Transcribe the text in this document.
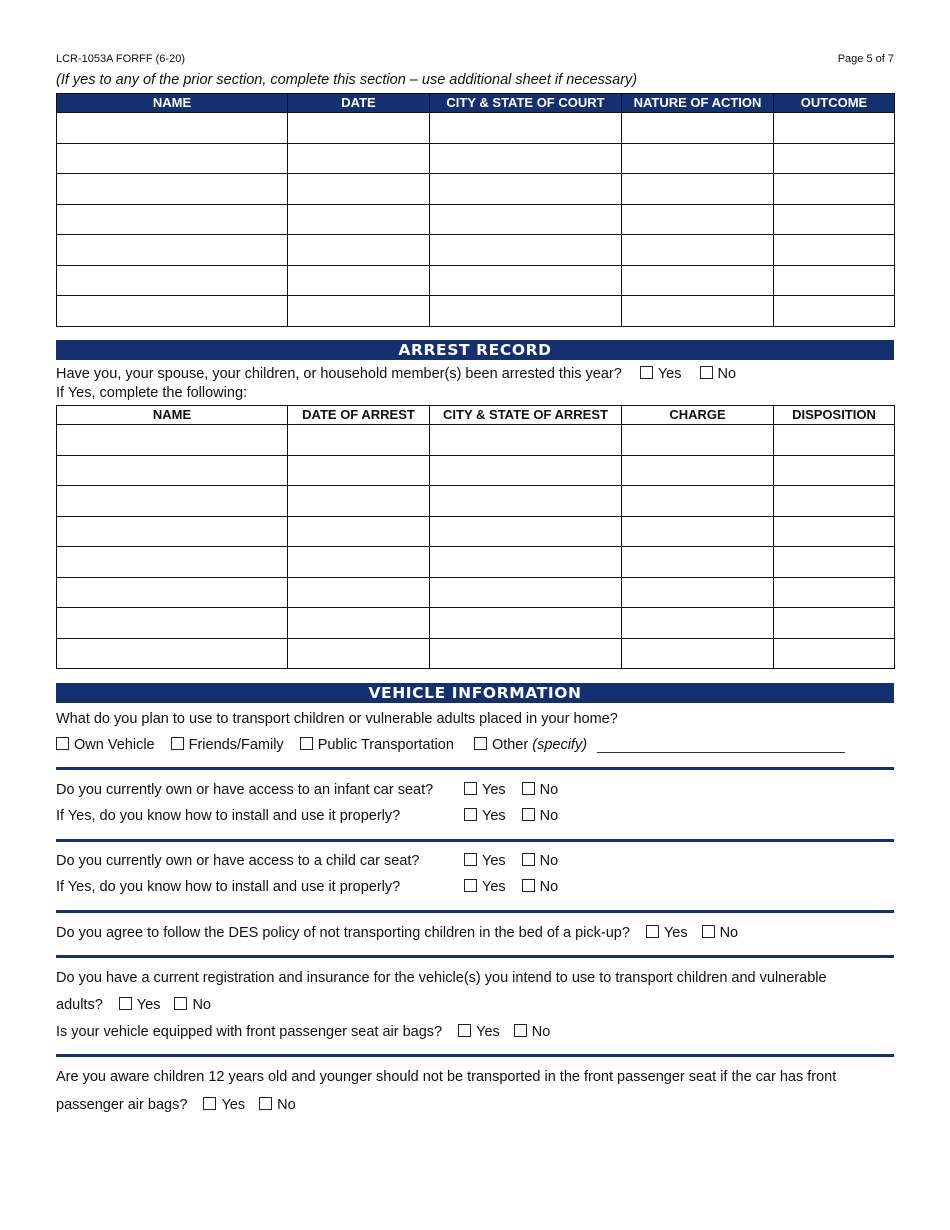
LCR-1053A FORFF (6-20)	Page 5 of 7
(If yes to any of the prior section, complete this section – use additional sheet if necessary)
NAME	DATE	CITY & STATE OF COURT	NATURE OF ACTION	OUTCOME

ARREST RECORD
Have you, your spouse, your children, or household member(s) been arrested this year? Yes No
If Yes, complete the following:
NAME	DATE OF ARREST	CITY & STATE OF ARREST	CHARGE	DISPOSITION

VEHICLE INFORMATION
What do you plan to use to transport children or vulnerable adults placed in your home?
Own Vehicle Friends/Family Public Transportation	Other (specify)
Do you currently own or have access to an infant car seat?	Yes No
If Yes, do you know how to install and use it properly?	Yes No
Do you currently own or have access to a child car seat?	Yes No
If Yes, do you know how to install and use it properly?	Yes No
Do you agree to follow the DES policy of not transporting children in the bed of a pick-up? Yes No
Do you have a current registration and insurance for the vehicle(s) you intend to use to transport children and vulnerable
adults? Yes No
Is your vehicle equipped with front passenger seat air bags? Yes No
Are you aware children 12 years old and younger should not be transported in the front passenger seat if the car has front
passenger air bags? Yes No
